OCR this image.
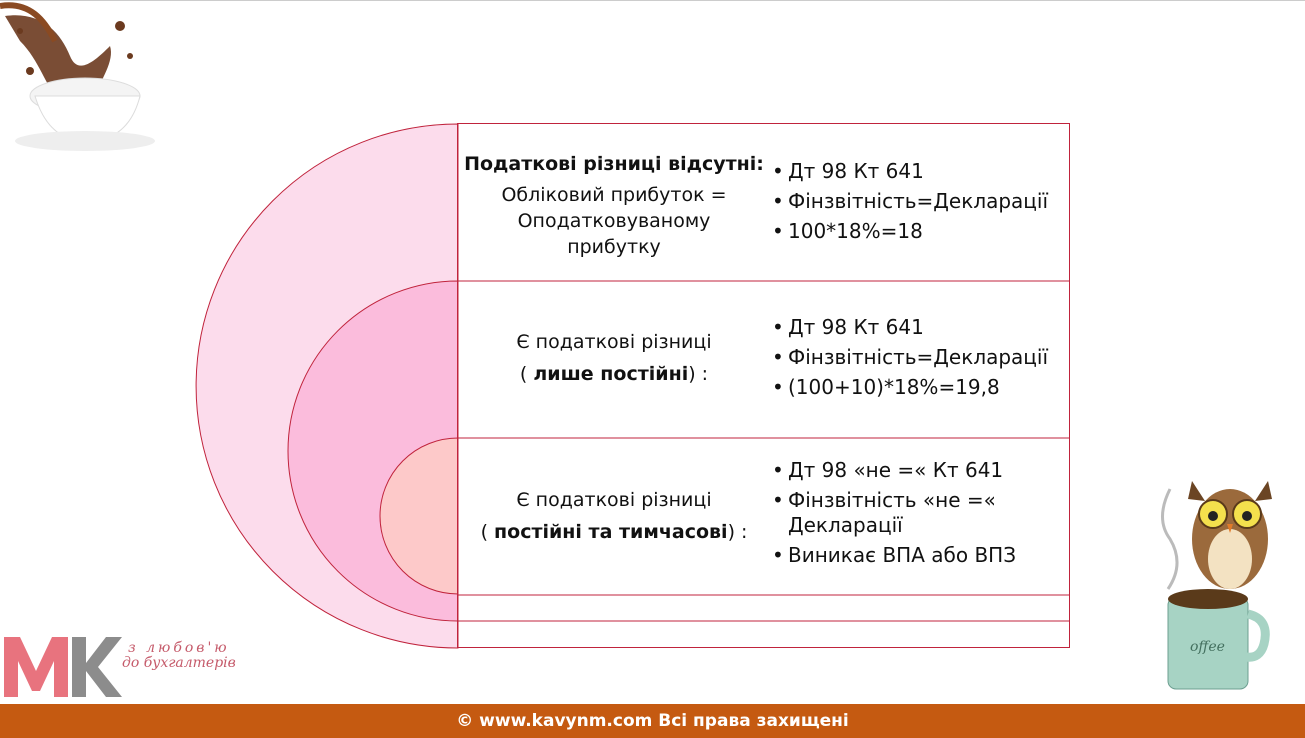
Податкові різниці відсутні:
Обліковий прибуток =
Оподатковуваному
прибутку
• Дт 98 Кт 641
• Фінзвітність=Декларації
• 100*18%=18
Є податкові різниці
( лише постійні) :
• Дт 98 Кт 641
• Фінзвітність=Декларації
• (100+10)*18%=19,8
Є податкові різниці
( постійні та тимчасові) :
• Дт 98 «не =« Кт 641
• Фінзвітність «не =« Декларації
• Виникає ВПА або ВПЗ
з любов'ю
до бухгалтерів
offee
© www.kavynm.com Всі права захищені
